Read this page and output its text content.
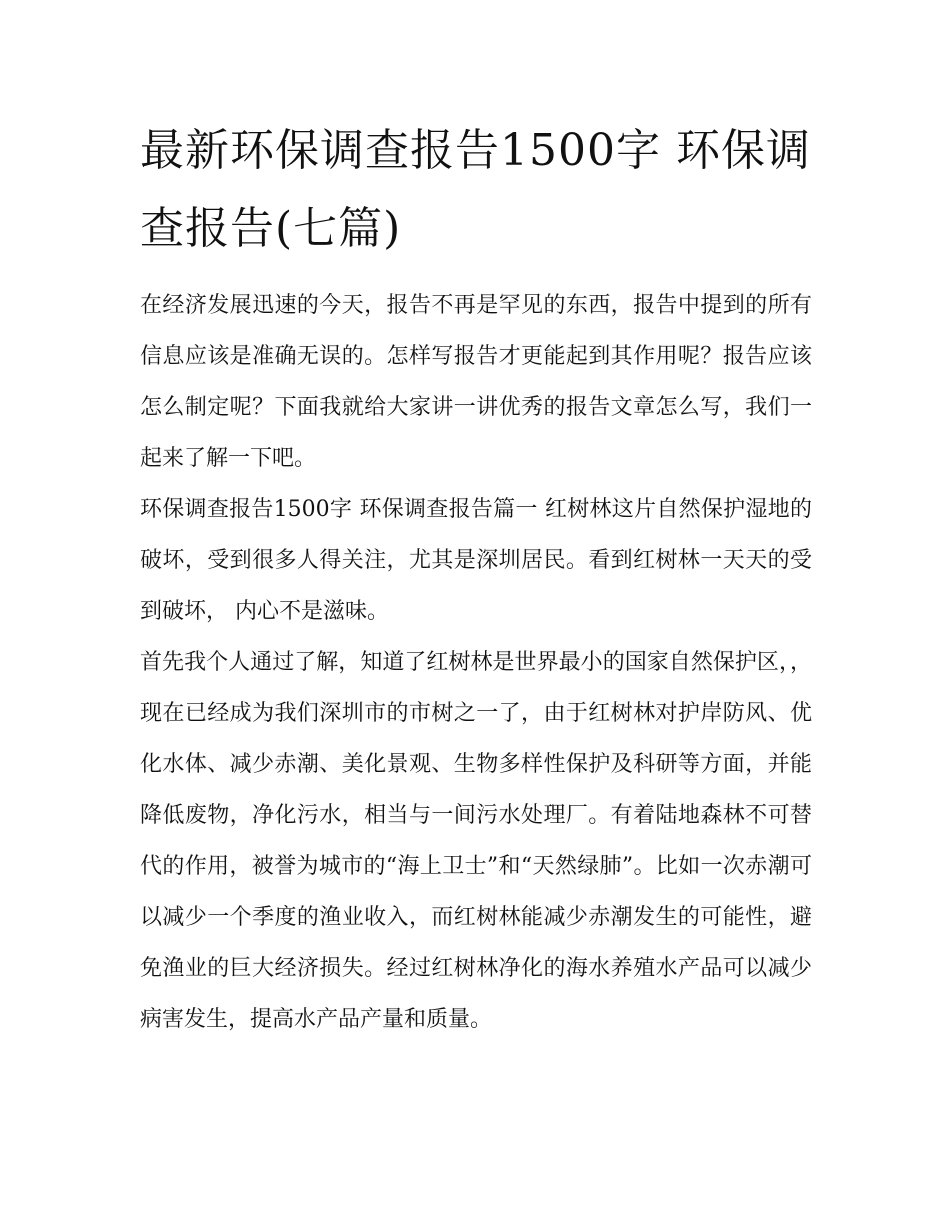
最新环保调查报告1500字 环保调查报告(七篇)

在经济发展迅速的今天，报告不再是罕见的东西，报告中提到的所有信息应该是准确无误的。怎样写报告才更能起到其作用呢？报告应该怎么制定呢？下面我就给大家讲一讲优秀的报告文章怎么写，我们一起来了解一下吧。

环保调查报告1500字 环保调查报告篇一 红树林这片自然保护湿地的破坏，受到很多人得关注，尤其是深圳居民。看到红树林一天天的受到破坏， 内心不是滋味。

首先我个人通过了解，知道了红树林是世界最小的国家自然保护区，，现在已经成为我们深圳市的市树之一了，由于红树林对护岸防风、优化水体、减少赤潮、美化景观、生物多样性保护及科研等方面，并能降低废物，净化污水，相当与一间污水处理厂。有着陆地森林不可替代的作用，被誉为城市的“海上卫士”和“天然绿肺”。比如一次赤潮可以减少一个季度的渔业收入，而红树林能减少赤潮发生的可能性，避免渔业的巨大经济损失。经过红树林净化的海水养殖水产品可以减少病害发生，提高水产品产量和质量。
